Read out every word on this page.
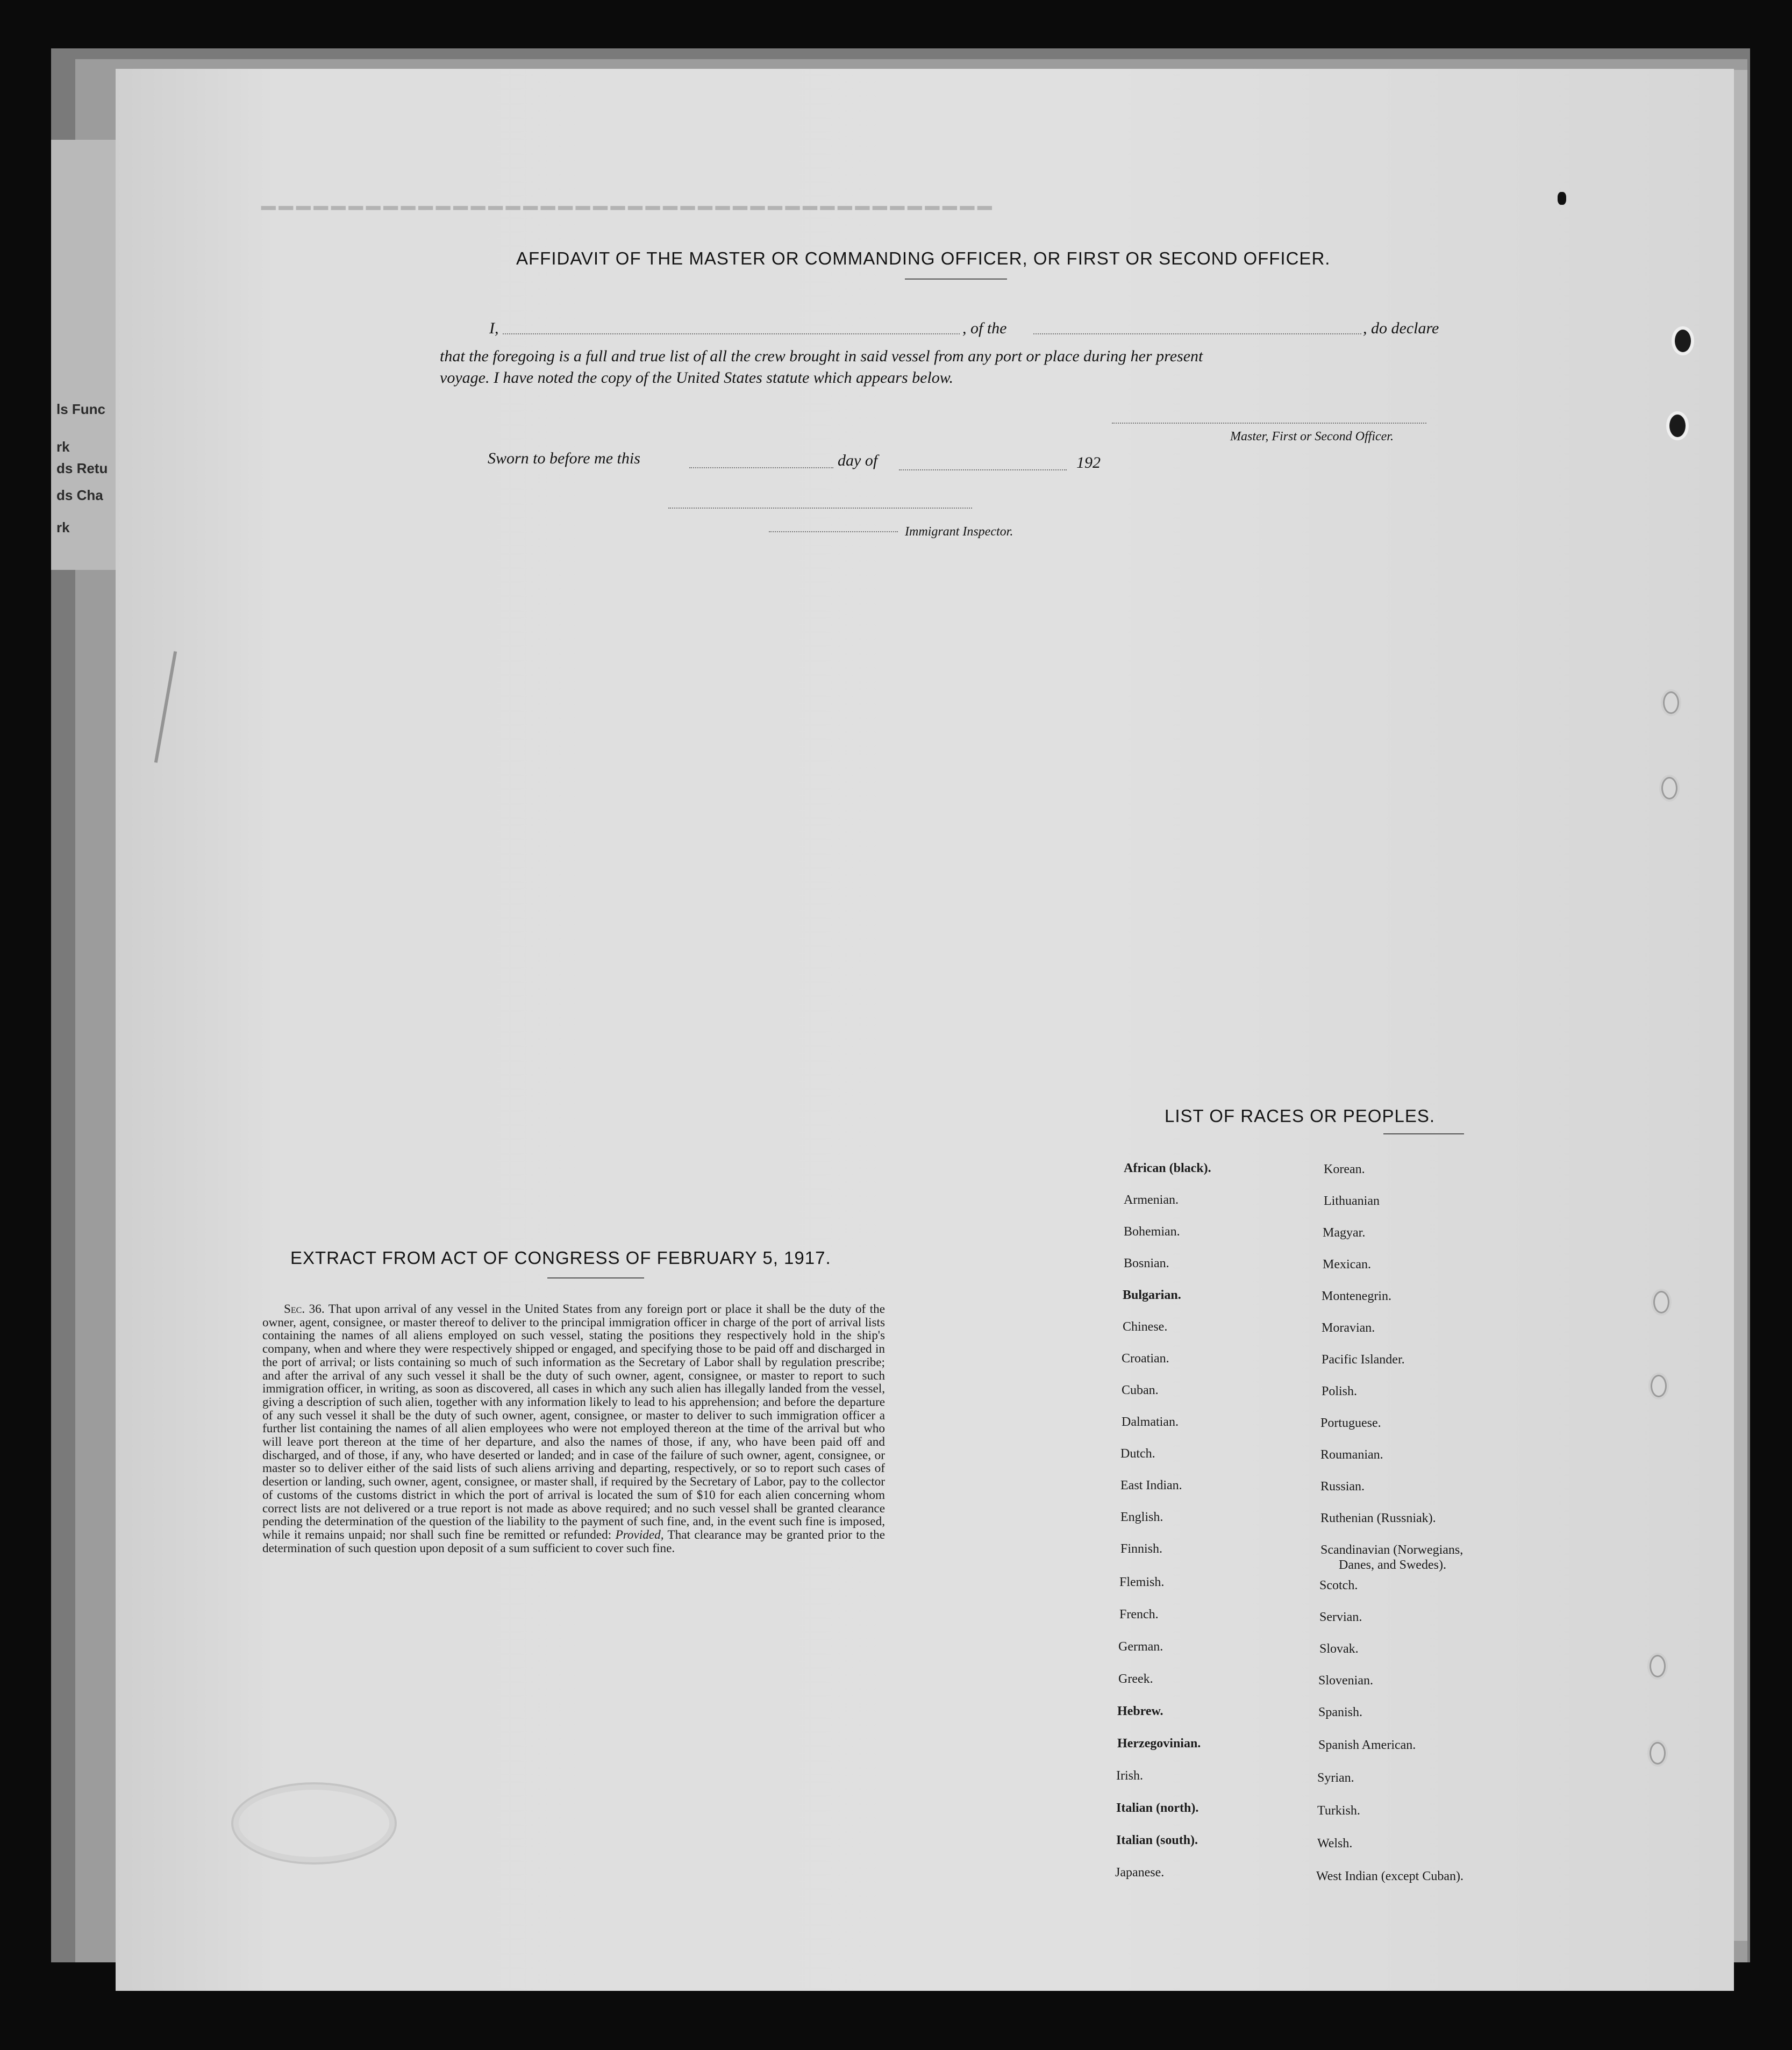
ls Func
rk
ds Retu
ds Cha
rk
━━━━━━━━━━━━━━━━━━━━━━━━━━━━━━━━━━━━━━━━━━
AFFIDAVIT OF THE MASTER OR COMMANDING OFFICER, OR FIRST OR SECOND OFFICER.
I,	, of the	, do declare
that the foregoing is a full and true list of all the crew brought in said vessel from any port or place during her present
voyage. I have noted the copy of the United States statute which appears below.
Master, First or Second Officer.
Sworn to before me this	day of	192
Immigrant Inspector.
EXTRACT FROM ACT OF CONGRESS OF FEBRUARY 5, 1917.
Sec. 36. That upon arrival of any vessel in the United States from any foreign port or place it shall be the duty of the owner, agent, consignee, or master thereof to deliver to the principal immigration officer in charge of the port of arrival lists containing the names of all aliens employed on such vessel, stating the positions they respectively hold in the ship's company, when and where they were respectively shipped or engaged, and specifying those to be paid off and discharged in the port of arrival; or lists containing so much of such information as the Secretary of Labor shall by regulation prescribe; and after the arrival of any such vessel it shall be the duty of such owner, agent, consignee, or master to report to such immigration officer, in writing, as soon as discovered, all cases in which any such alien has illegally landed from the vessel, giving a description of such alien, together with any information likely to lead to his apprehension; and before the departure of any such vessel it shall be the duty of such owner, agent, consignee, or master to deliver to such immigration officer a further list containing the names of all alien employees who were not employed thereon at the time of the arrival but who will leave port thereon at the time of her departure, and also the names of those, if any, who have been paid off and discharged, and of those, if any, who have deserted or landed; and in case of the failure of such owner, agent, consignee, or master so to deliver either of the said lists of such aliens arriving and departing, respectively, or so to report such cases of desertion or landing, such owner, agent, consignee, or master shall, if required by the Secretary of Labor, pay to the collector of customs of the customs district in which the port of arrival is located the sum of $10 for each alien concerning whom correct lists are not delivered or a true report is not made as above required; and no such vessel shall be granted clearance pending the determination of the question of the liability to the payment of such fine, and, in the event such fine is imposed, while it remains unpaid; nor shall such fine be remitted or refunded: Provided, That clearance may be granted prior to the determination of such question upon deposit of a sum sufficient to cover such fine.
LIST OF RACES OR PEOPLES.
African (black).
Armenian.
Bohemian.
Bosnian.
Bulgarian.
Chinese.
Croatian.
Cuban.
Dalmatian.
Dutch.
East Indian.
English.
Finnish.
Flemish.
French.
German.
Greek.
Hebrew.
Herzegovinian.
Irish.
Italian (north).
Italian (south).
Japanese.
Korean.
Lithuanian
Magyar.
Mexican.
Montenegrin.
Moravian.
Pacific Islander.
Polish.
Portuguese.
Roumanian.
Russian.
Ruthenian (Russniak).
Scandinavian (Norwegians,
Danes, and Swedes).
Scotch.
Servian.
Slovak.
Slovenian.
Spanish.
Spanish American.
Syrian.
Turkish.
Welsh.
West Indian (except Cuban).
